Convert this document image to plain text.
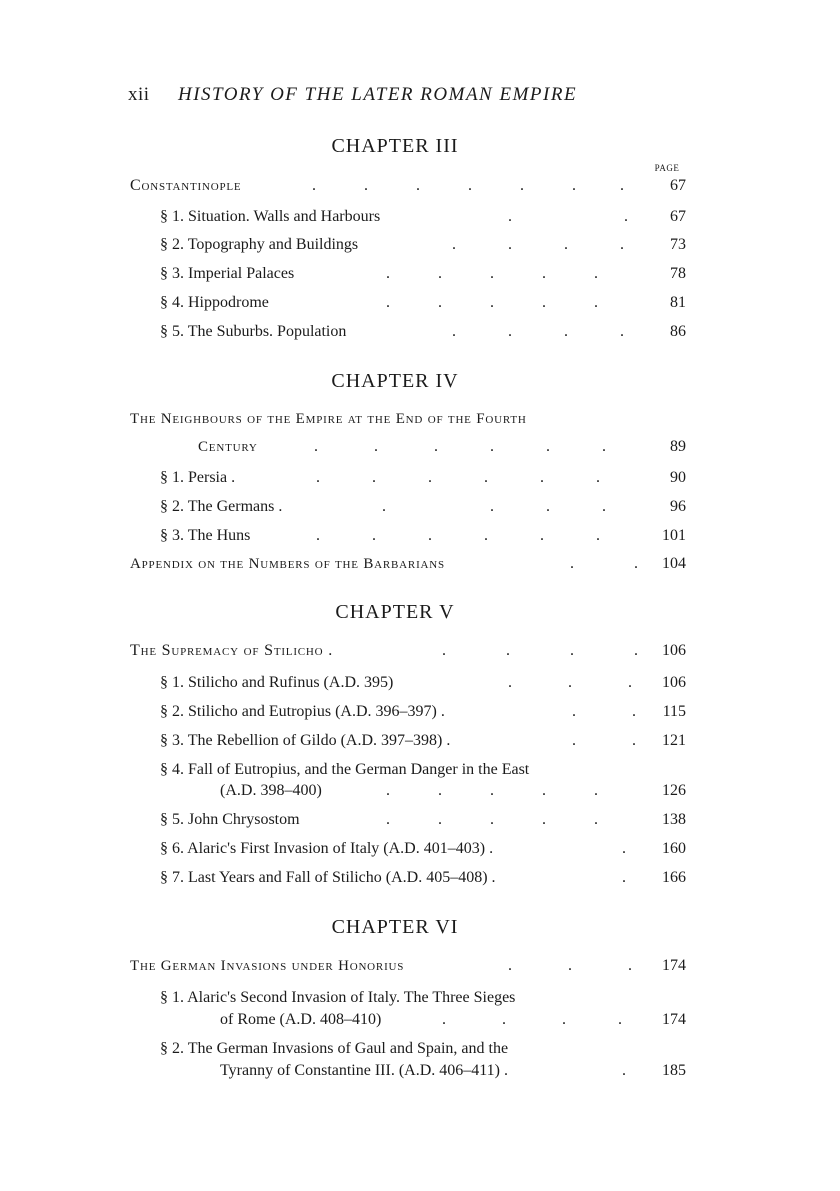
xii HISTORY OF THE LATER ROMAN EMPIRE
CHAPTER III
PAGE
Constantinople	.            .            .            .            .            .           .	67
§ 1. Situation. Walls and Harbours	.                            .	67
§ 2. Topography and Buildings	.             .             .             .	73
§ 3. Imperial Palaces	.            .            .            .            .	78
§ 4. Hippodrome	.            .            .            .            .	81
§ 5. The Suburbs. Population	.             .             .             .	86
CHAPTER IV
The Neighbours of the Empire at the End of the Fourth
Century	.              .              .             .             .             .	89
§ 1. Persia .	.             .             .             .             .             .	90
§ 2. The Germans .	.                          .             .             .	96
§ 3. The Huns	.             .             .             .             .             .	101
Appendix on the Numbers of the Barbarians	.               .	104
CHAPTER V
The Supremacy of Stilicho .	.               .               .               .	106
§ 1. Stilicho and Rufinus (A.D. 395)	.              .              .	106
§ 2. Stilicho and Eutropius (A.D. 396–397) .	.              .	115
§ 3. The Rebellion of Gildo (A.D. 397–398) .	.              .	121
§ 4. Fall of Eutropius, and the German Danger in the East
(A.D. 398–400)	.            .            .            .            .	126
§ 5. John Chrysostom	.            .            .            .            .	138
§ 6. Alaric's First Invasion of Italy (A.D. 401–403) .	.	160
§ 7. Last Years and Fall of Stilicho (A.D. 405–408) .	.	166
CHAPTER VI
The German Invasions under Honorius	.              .              .	174
§ 1. Alaric's Second Invasion of Italy. The Three Sieges
of Rome (A.D. 408–410)	.              .              .             .	174
§ 2. The German Invasions of Gaul and Spain, and the
Tyranny of Constantine III. (A.D. 406–411) .	.	185
